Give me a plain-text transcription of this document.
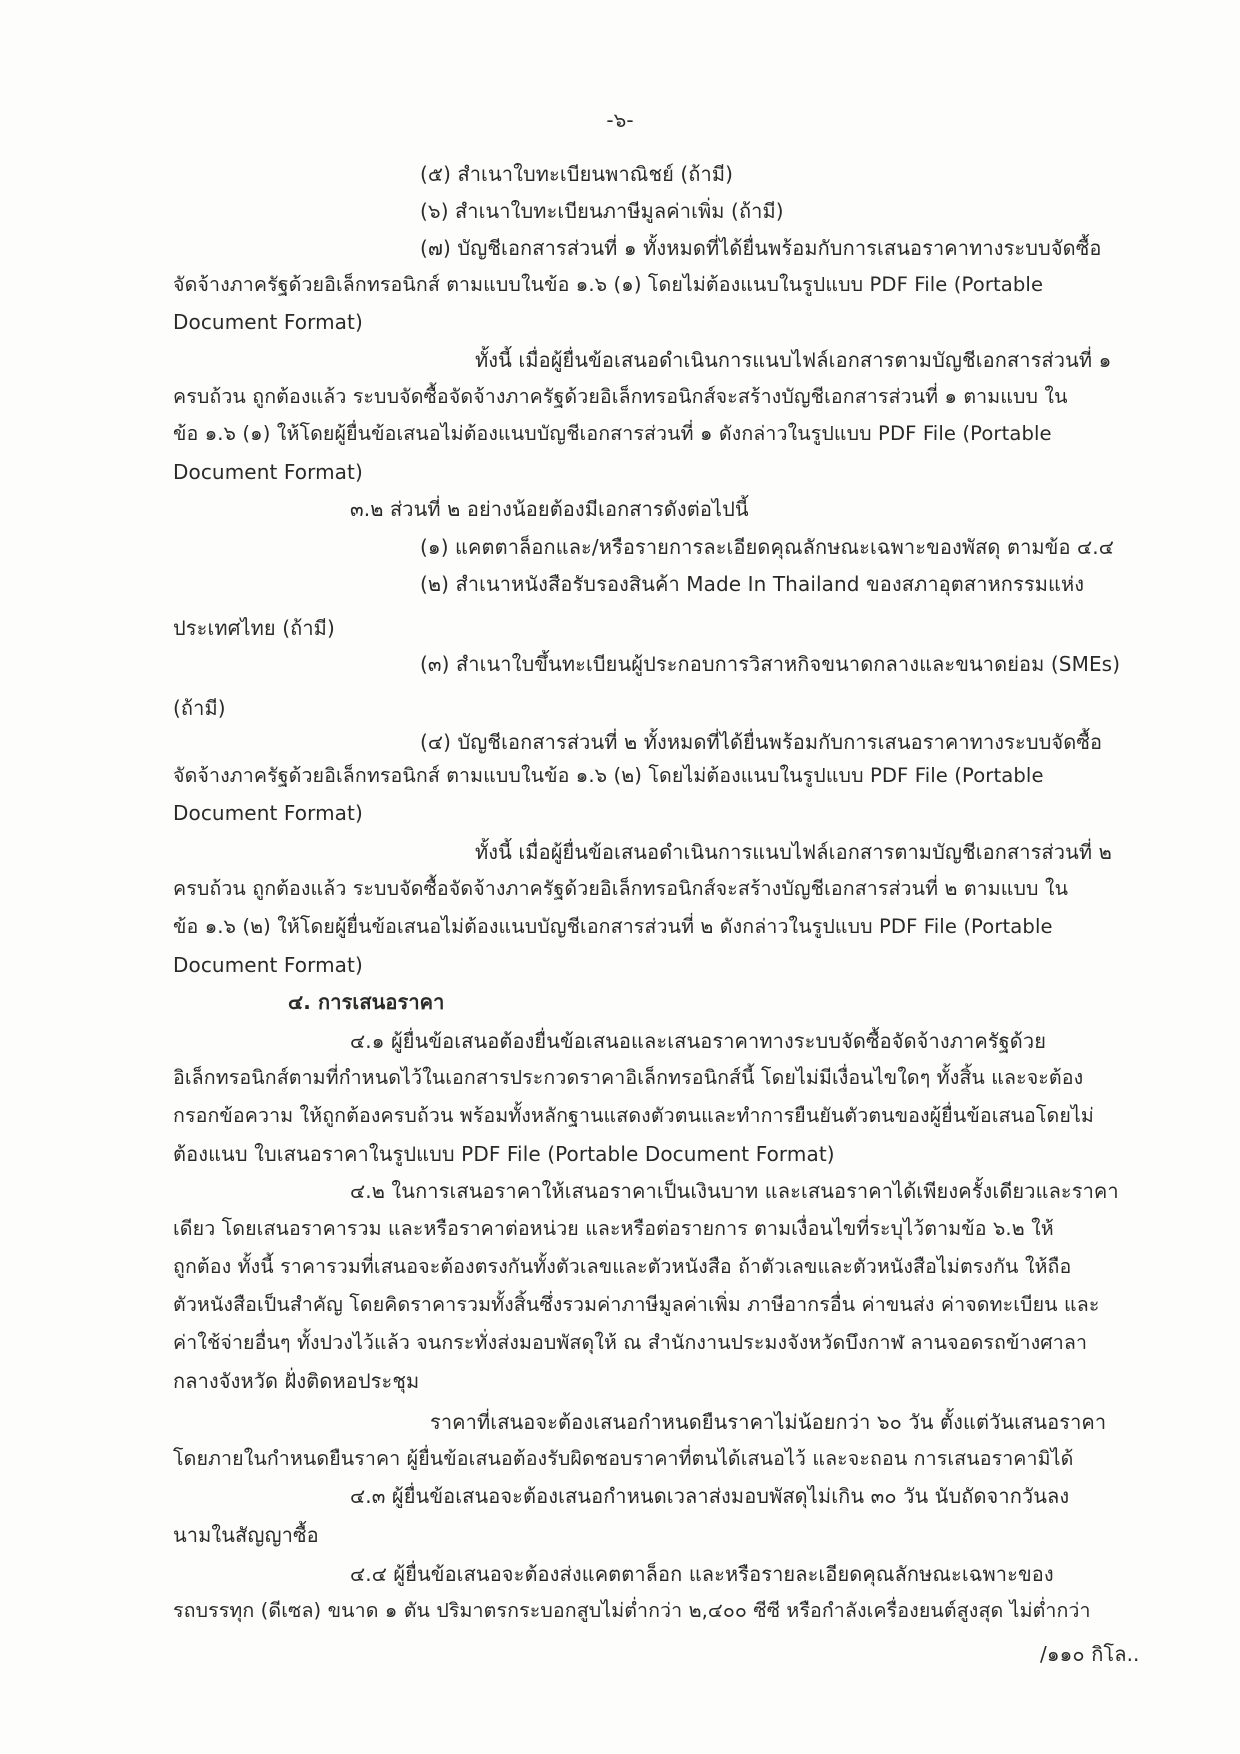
-๖-
(๕) สำเนาใบทะเบียนพาณิชย์ (ถ้ามี)
(๖) สำเนาใบทะเบียนภาษีมูลค่าเพิ่ม (ถ้ามี)
(๗) บัญชีเอกสารส่วนที่ ๑ ทั้งหมดที่ได้ยื่นพร้อมกับการเสนอราคาทางระบบจัดซื้อ
จัดจ้างภาครัฐด้วยอิเล็กทรอนิกส์ ตามแบบในข้อ ๑.๖ (๑) โดยไม่ต้องแนบในรูปแบบ PDF File (Portable
Document Format)
ทั้งนี้ เมื่อผู้ยื่นข้อเสนอดำเนินการแนบไฟล์เอกสารตามบัญชีเอกสารส่วนที่ ๑
ครบถ้วน ถูกต้องแล้ว ระบบจัดซื้อจัดจ้างภาครัฐด้วยอิเล็กทรอนิกส์จะสร้างบัญชีเอกสารส่วนที่ ๑ ตามแบบ ใน
ข้อ ๑.๖ (๑) ให้โดยผู้ยื่นข้อเสนอไม่ต้องแนบบัญชีเอกสารส่วนที่ ๑ ดังกล่าวในรูปแบบ PDF File (Portable
Document Format)
๓.๒ ส่วนที่ ๒ อย่างน้อยต้องมีเอกสารดังต่อไปนี้
(๑) แคตตาล็อกและ/หรือรายการละเอียดคุณลักษณะเฉพาะของพัสดุ ตามข้อ ๔.๔
(๒) สำเนาหนังสือรับรองสินค้า Made In Thailand ของสภาอุตสาหกรรมแห่ง
ประเทศไทย (ถ้ามี)
(๓) สำเนาใบขึ้นทะเบียนผู้ประกอบการวิสาหกิจขนาดกลางและขนาดย่อม (SMEs)
(ถ้ามี)
(๔) บัญชีเอกสารส่วนที่ ๒ ทั้งหมดที่ได้ยื่นพร้อมกับการเสนอราคาทางระบบจัดซื้อ
จัดจ้างภาครัฐด้วยอิเล็กทรอนิกส์ ตามแบบในข้อ ๑.๖ (๒) โดยไม่ต้องแนบในรูปแบบ PDF File (Portable
Document Format)
ทั้งนี้ เมื่อผู้ยื่นข้อเสนอดำเนินการแนบไฟล์เอกสารตามบัญชีเอกสารส่วนที่ ๒
ครบถ้วน ถูกต้องแล้ว ระบบจัดซื้อจัดจ้างภาครัฐด้วยอิเล็กทรอนิกส์จะสร้างบัญชีเอกสารส่วนที่ ๒ ตามแบบ ใน
ข้อ ๑.๖ (๒) ให้โดยผู้ยื่นข้อเสนอไม่ต้องแนบบัญชีเอกสารส่วนที่ ๒ ดังกล่าวในรูปแบบ PDF File (Portable
Document Format)
๔. การเสนอราคา
๔.๑ ผู้ยื่นข้อเสนอต้องยื่นข้อเสนอและเสนอราคาทางระบบจัดซื้อจัดจ้างภาครัฐด้วย
อิเล็กทรอนิกส์ตามที่กำหนดไว้ในเอกสารประกวดราคาอิเล็กทรอนิกส์นี้ โดยไม่มีเงื่อนไขใดๆ ทั้งสิ้น และจะต้อง
กรอกข้อความ ให้ถูกต้องครบถ้วน พร้อมทั้งหลักฐานแสดงตัวตนและทำการยืนยันตัวตนของผู้ยื่นข้อเสนอโดยไม่
ต้องแนบ ใบเสนอราคาในรูปแบบ PDF File (Portable Document Format)
๔.๒ ในการเสนอราคาให้เสนอราคาเป็นเงินบาท และเสนอราคาได้เพียงครั้งเดียวและราคา
เดียว โดยเสนอราคารวม และหรือราคาต่อหน่วย และหรือต่อรายการ ตามเงื่อนไขที่ระบุไว้ตามข้อ ๖.๒ ให้
ถูกต้อง ทั้งนี้ ราคารวมที่เสนอจะต้องตรงกันทั้งตัวเลขและตัวหนังสือ ถ้าตัวเลขและตัวหนังสือไม่ตรงกัน ให้ถือ
ตัวหนังสือเป็นสำคัญ โดยคิดราคารวมทั้งสิ้นซึ่งรวมค่าภาษีมูลค่าเพิ่ม ภาษีอากรอื่น ค่าขนส่ง ค่าจดทะเบียน และ
ค่าใช้จ่ายอื่นๆ ทั้งปวงไว้แล้ว จนกระทั่งส่งมอบพัสดุให้ ณ สำนักงานประมงจังหวัดบึงกาฬ ลานจอดรถข้างศาลา
กลางจังหวัด ฝั่งติดหอประชุม
ราคาที่เสนอจะต้องเสนอกำหนดยืนราคาไม่น้อยกว่า ๖๐ วัน ตั้งแต่วันเสนอราคา
โดยภายในกำหนดยืนราคา ผู้ยื่นข้อเสนอต้องรับผิดชอบราคาที่ตนได้เสนอไว้ และจะถอน การเสนอราคามิได้
๔.๓ ผู้ยื่นข้อเสนอจะต้องเสนอกำหนดเวลาส่งมอบพัสดุไม่เกิน ๓๐ วัน นับถัดจากวันลง
นามในสัญญาซื้อ
๔.๔ ผู้ยื่นข้อเสนอจะต้องส่งแคตตาล็อก และหรือรายละเอียดคุณลักษณะเฉพาะของ
รถบรรทุก (ดีเซล) ขนาด ๑ ตัน ปริมาตรกระบอกสูบไม่ต่ำกว่า ๒,๔๐๐ ซีซี หรือกำลังเครื่องยนต์สูงสุด ไม่ต่ำกว่า
/๑๑๐ กิโล..
